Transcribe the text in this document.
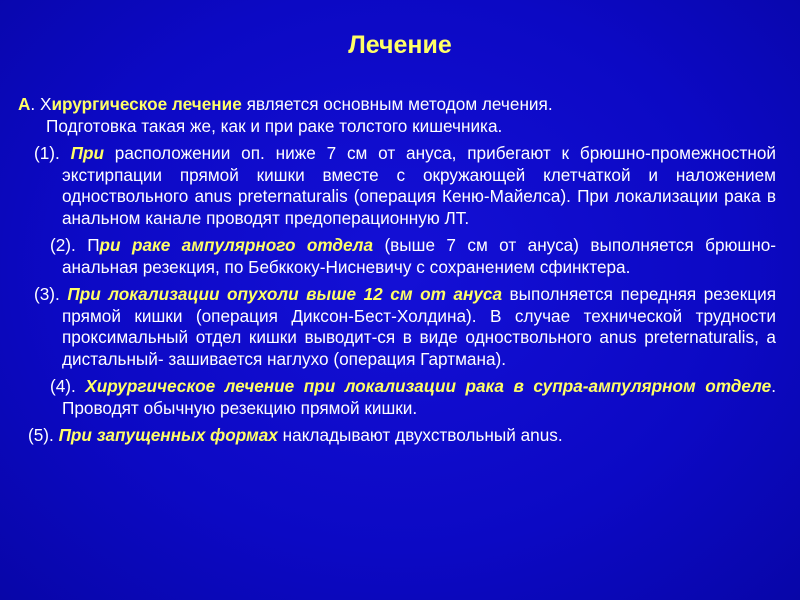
Лечение

А. Хирургическое лечение является основным методом лечения.
Подготовка такая же, как и при раке толстого кишечника.

(1). При расположении оп. ниже 7 см от ануса, прибегают к брюшно-промежностной экстирпации прямой кишки вместе с окружающей клетчаткой и наложением одноствольного anus preternaturalis (операция Кеню-Майелса). При локализации рака в анальном канале проводят предоперационную ЛТ.

(2). При раке ампулярного отдела (выше 7 см от ануса) выполняется брюшно- анальная резекция, по Бебккоку-Нисневичу с сохранением сфинктера.

(3). При локализации опухоли выше 12 см от ануса выполняется передняя резекция прямой кишки (операция Диксон-Бест-Холдина). В случае технической трудности проксимальный отдел кишки выводит-ся в виде одноствольного anus preternaturalis, а дистальный- зашивается наглухо (операция Гартмана).

(4). Хирургическое лечение при локализации рака в супра-ампулярном отделе. Проводят обычную резекцию прямой кишки.

(5). При запущенных формах накладывают двухствольный anus.
